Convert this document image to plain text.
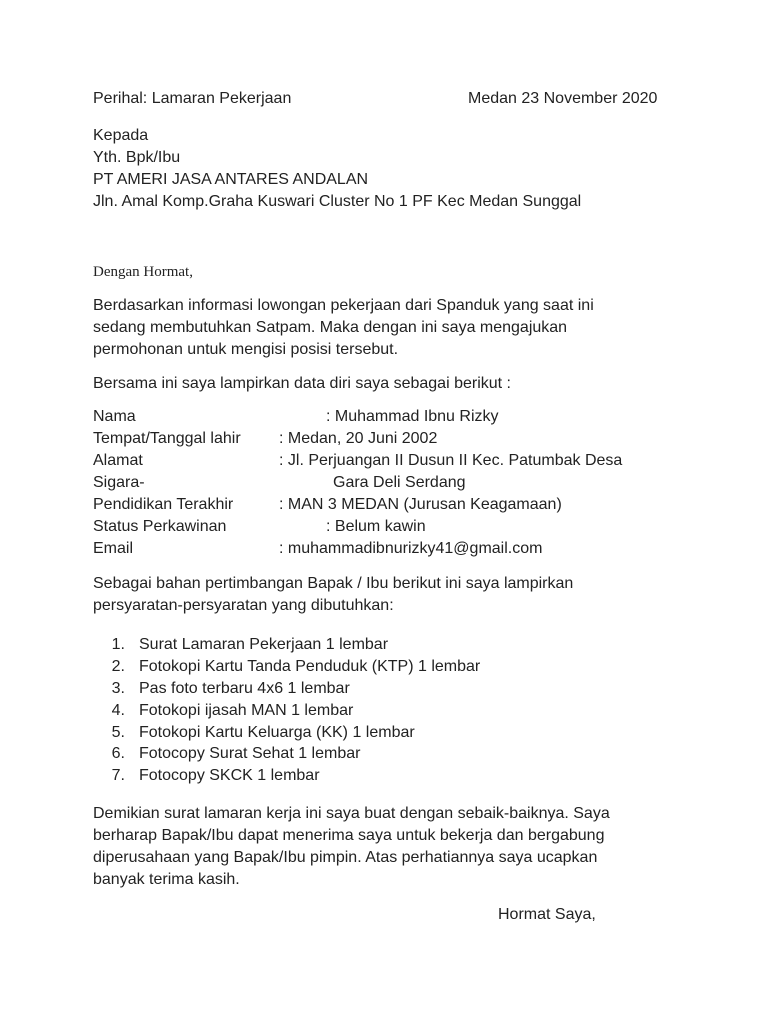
Perihal: Lamaran Pekerjaan	Medan 23 November 2020
Kepada
Yth. Bpk/Ibu
PT AMERI JASA ANTARES ANDALAN
Jln. Amal Komp.Graha Kuswari Cluster No 1 PF Kec Medan Sunggal
Dengan Hormat,
Berdasarkan informasi lowongan pekerjaan dari Spanduk yang saat ini
sedang membutuhkan Satpam. Maka dengan ini saya mengajukan
permohonan untuk mengisi posisi tersebut.
Bersama ini saya lampirkan data diri saya sebagai berikut :
Nama	: Muhammad Ibnu Rizky
Tempat/Tanggal lahir : Medan, 20 Juni 2002
Alamat	: Jl. Perjuangan II Dusun II Kec. Patumbak Desa
Sigara-	Gara Deli Serdang
Pendidikan Terakhir	: MAN 3 MEDAN (Jurusan Keagamaan)
Status Perkawinan	: Belum kawin
Email	: muhammadibnurizky41@gmail.com
Sebagai bahan pertimbangan Bapak / Ibu berikut ini saya lampirkan
persyaratan-persyaratan yang dibutuhkan:
1. Surat Lamaran Pekerjaan 1 lembar
2. Fotokopi Kartu Tanda Penduduk (KTP) 1 lembar
3. Pas foto terbaru 4x6 1 lembar
4. Fotokopi ijasah MAN 1 lembar
5. Fotokopi Kartu Keluarga (KK) 1 lembar
6. Fotocopy Surat Sehat 1 lembar
7. Fotocopy SKCK 1 lembar
Demikian surat lamaran kerja ini saya buat dengan sebaik-baiknya. Saya
berharap Bapak/Ibu dapat menerima saya untuk bekerja dan bergabung
diperusahaan yang Bapak/Ibu pimpin. Atas perhatiannya saya ucapkan
banyak terima kasih.
Hormat Saya,
